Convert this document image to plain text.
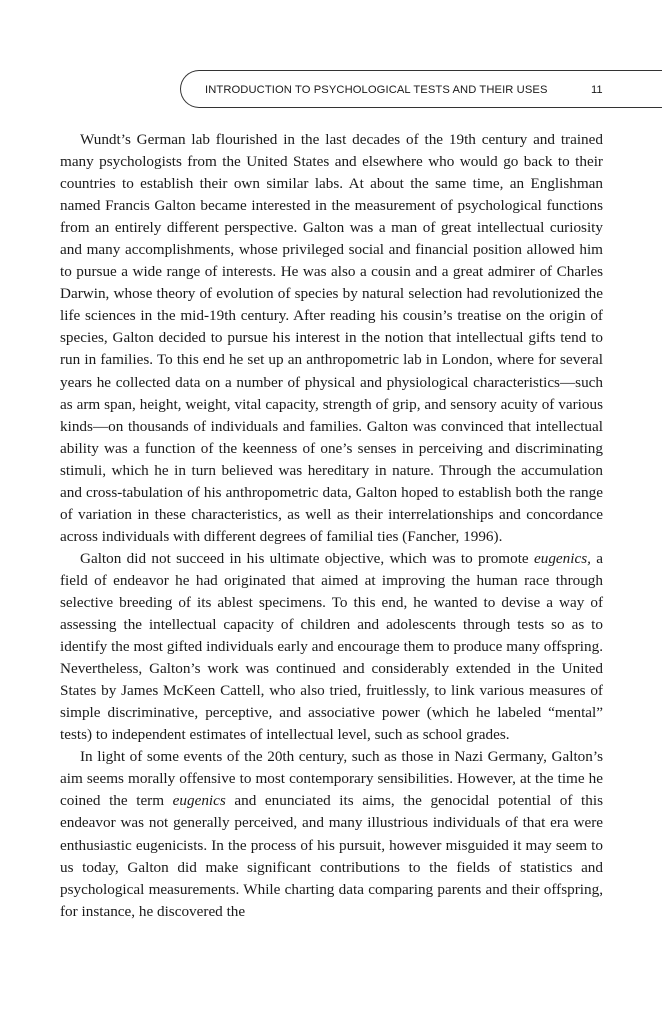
INTRODUCTION TO PSYCHOLOGICAL TESTS AND THEIR USES	11

Wundt’s German lab flourished in the last decades of the 19th century and trained many psychologists from the United States and elsewhere who would go back to their countries to establish their own similar labs. At about the same time, an Englishman named Francis Galton became interested in the measurement of psychological functions from an entirely different perspective. Galton was a man of great intellectual curiosity and many accomplishments, whose privileged social and financial position allowed him to pursue a wide range of interests. He was also a cousin and a great admirer of Charles Darwin, whose theory of evolution of species by natural selection had revolutionized the life sciences in the mid-19th century. After reading his cousin’s treatise on the origin of species, Galton decided to pursue his interest in the notion that intellectual gifts tend to run in families. To this end he set up an anthropometric lab in London, where for several years he collected data on a number of physical and physiological characteristics—such as arm span, height, weight, vital capacity, strength of grip, and sensory acuity of various kinds—on thousands of individuals and families. Galton was convinced that intellectual ability was a function of the keenness of one’s senses in perceiving and discriminating stimuli, which he in turn believed was hereditary in nature. Through the accumulation and cross-tabulation of his anthropometric data, Galton hoped to establish both the range of variation in these characteristics, as well as their interrelationships and concordance across individuals with different degrees of familial ties (Fancher, 1996).

Galton did not succeed in his ultimate objective, which was to promote eugenics, a field of endeavor he had originated that aimed at improving the human race through selective breeding of its ablest specimens. To this end, he wanted to devise a way of assessing the intellectual capacity of children and adolescents through tests so as to identify the most gifted individuals early and encourage them to produce many offspring. Nevertheless, Galton’s work was continued and considerably extended in the United States by James McKeen Cattell, who also tried, fruitlessly, to link various measures of simple discriminative, perceptive, and associative power (which he labeled “mental” tests) to independent estimates of intellectual level, such as school grades.

In light of some events of the 20th century, such as those in Nazi Germany, Galton’s aim seems morally offensive to most contemporary sensibilities. However, at the time he coined the term eugenics and enunciated its aims, the genocidal potential of this endeavor was not generally perceived, and many illustrious individuals of that era were enthusiastic eugenicists. In the process of his pursuit, however misguided it may seem to us today, Galton did make significant contributions to the fields of statistics and psychological measurements. While charting data comparing parents and their offspring, for instance, he discovered the
